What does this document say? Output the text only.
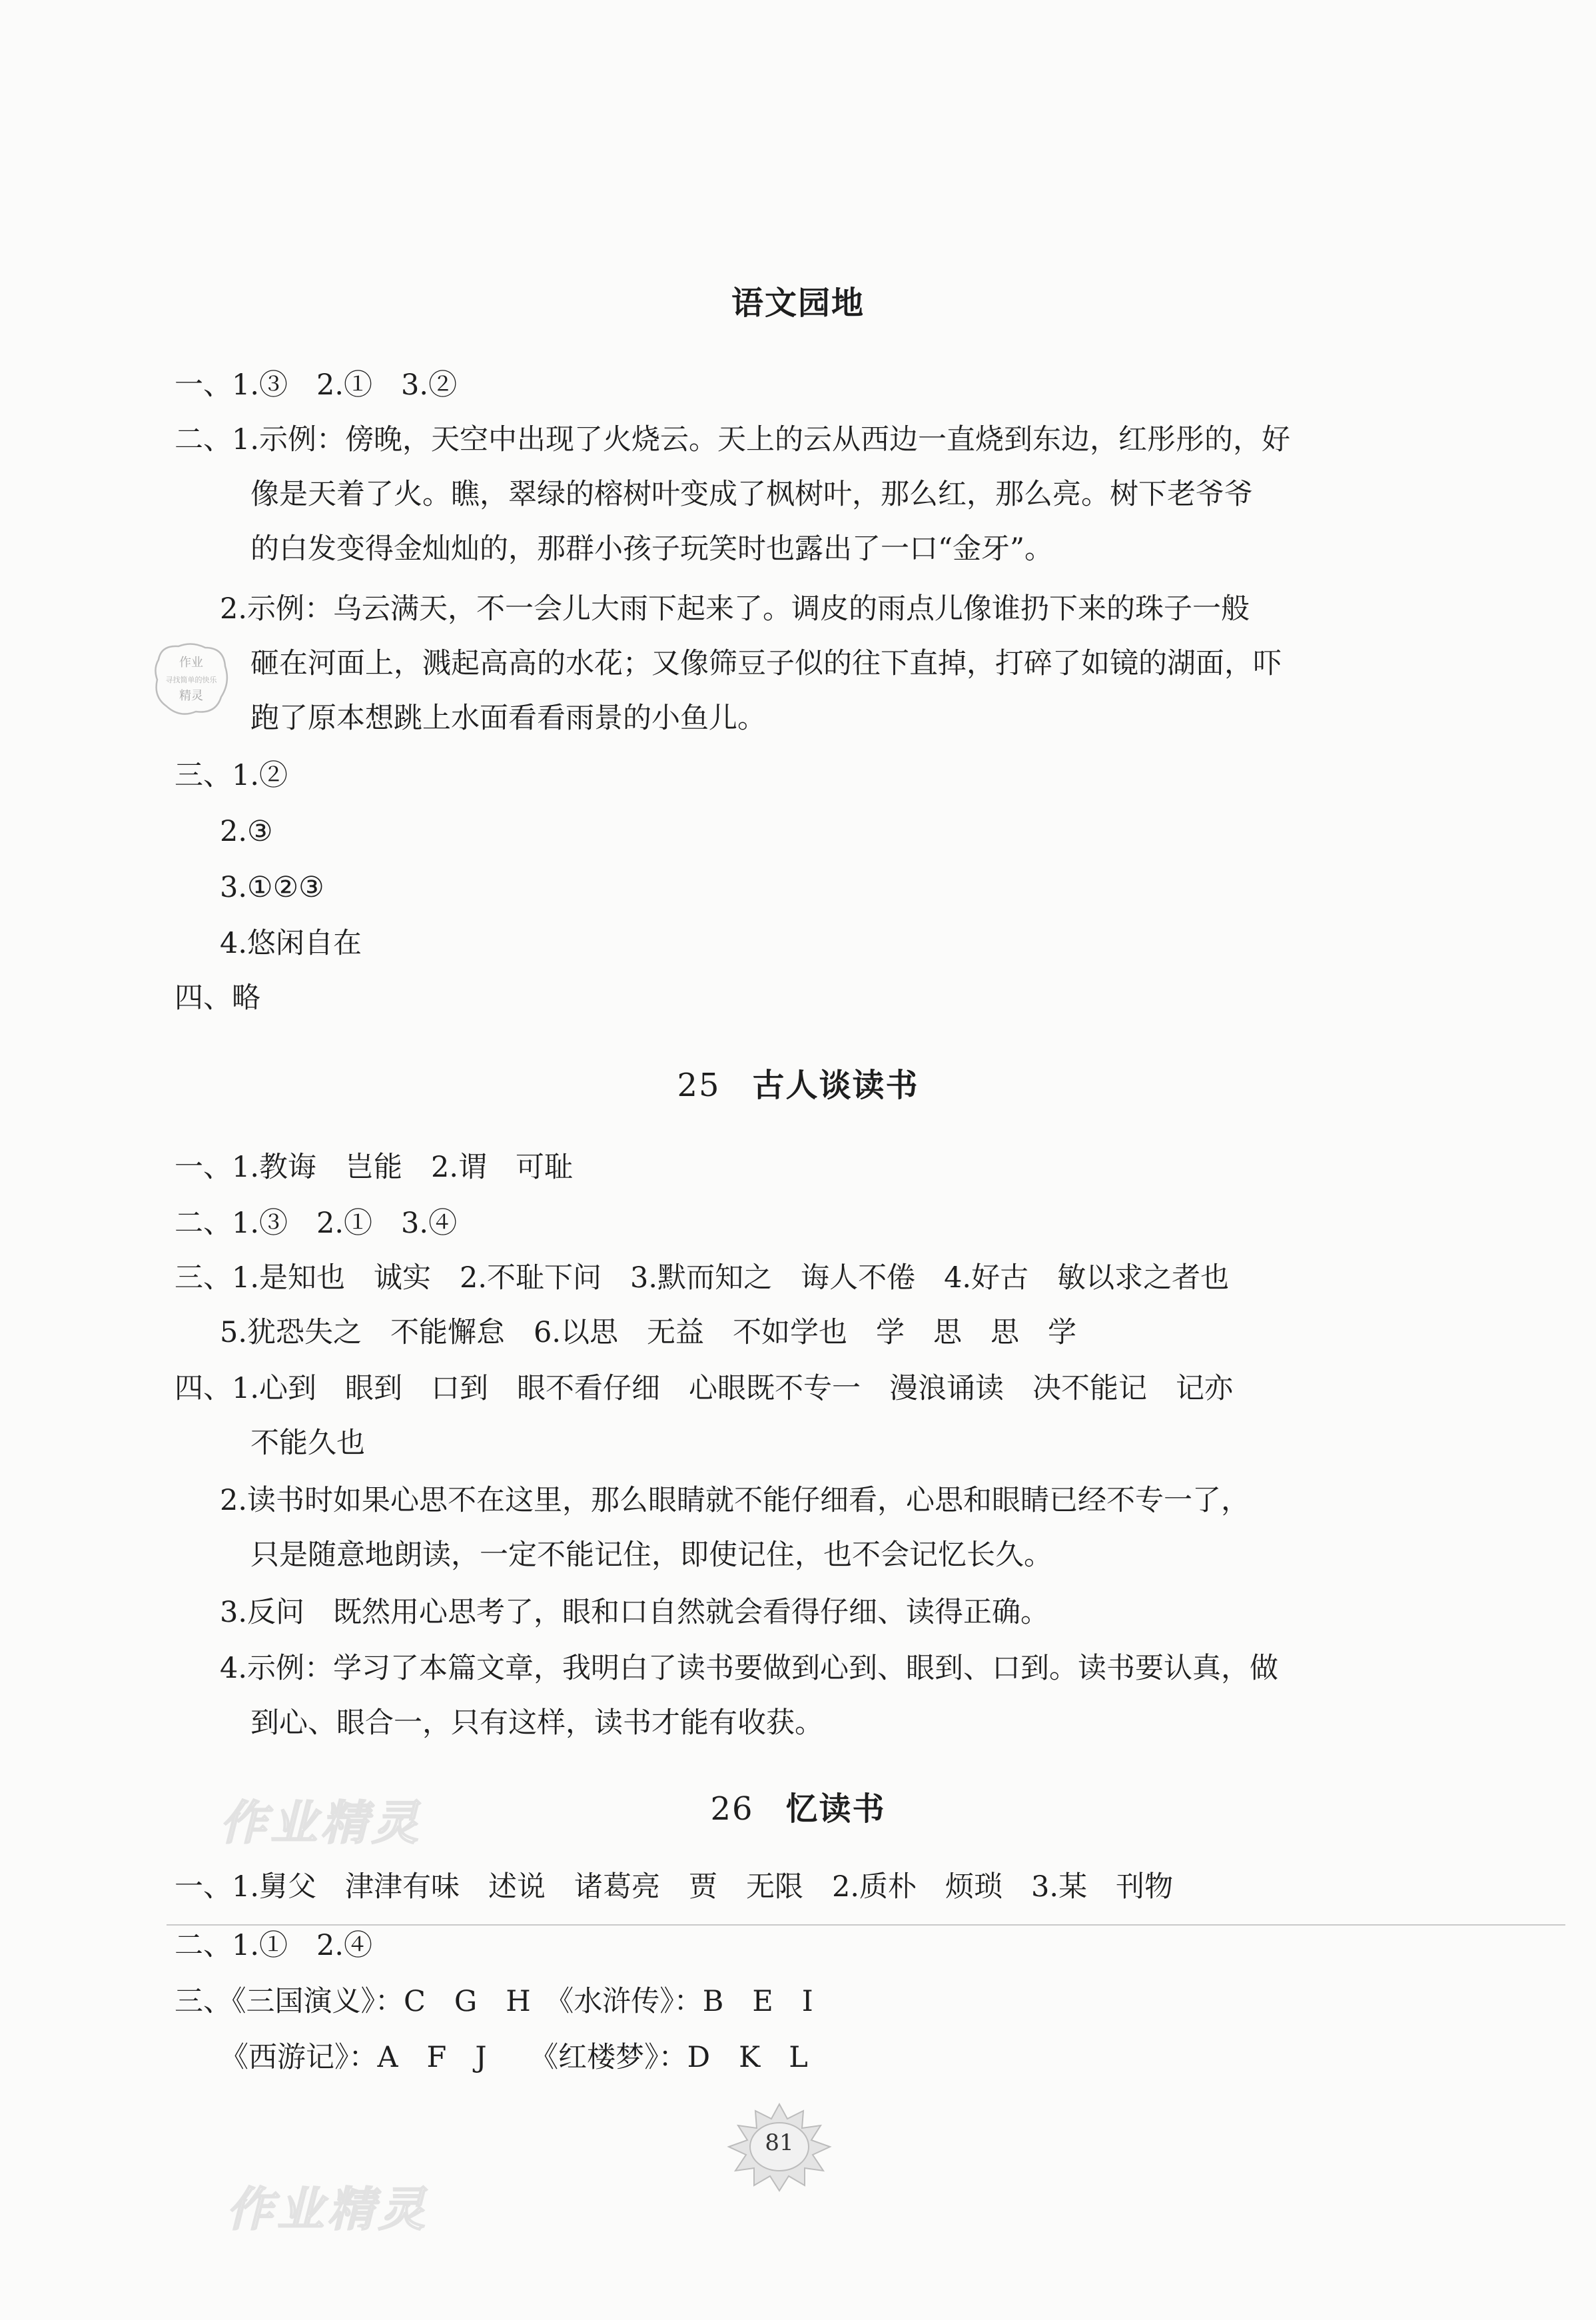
语文园地
一、1.③　2.①　3.②
二、1.示例：傍晚，天空中出现了火烧云。天上的云从西边一直烧到东边，红彤彤的，好
像是天着了火。瞧，翠绿的榕树叶变成了枫树叶，那么红，那么亮。树下老爷爷
的白发变得金灿灿的，那群小孩子玩笑时也露出了一口“金牙”。
2.示例：乌云满天，不一会儿大雨下起来了。调皮的雨点儿像谁扔下来的珠子一般
砸在河面上，溅起高高的水花；又像筛豆子似的往下直掉，打碎了如镜的湖面，吓
跑了原本想跳上水面看看雨景的小鱼儿。
三、1.②
2.③
3.①②③
4.悠闲自在
四、略
25 古人谈读书
一、1.教诲　岂能　2.谓　可耻
二、1.③　2.①　3.④
三、1.是知也　诚实　2.不耻下问　3.默而知之　诲人不倦　4.好古　敏以求之者也
5.犹恐失之　不能懈怠　6.以思　无益　不如学也　学　思　思　学
四、1.心到　眼到　口到　眼不看仔细　心眼既不专一　漫浪诵读　决不能记　记亦
不能久也
2.读书时如果心思不在这里，那么眼睛就不能仔细看，心思和眼睛已经不专一了，
只是随意地朗读，一定不能记住，即使记住，也不会记忆长久。
3.反问　既然用心思考了，眼和口自然就会看得仔细、读得正确。
4.示例：学习了本篇文章，我明白了读书要做到心到、眼到、口到。读书要认真，做
到心、眼合一，只有这样，读书才能有收获。
26 忆读书
一、1.舅父　津津有味　述说　诸葛亮　贾　无限　2.质朴　烦琐　3.某　刊物
二、1.①　2.④
三、《三国演义》：C　G　H　《水浒传》：B　E　I
《西游记》：A　F　J　　《红楼梦》：D　K　L
作业精灵
作业精灵
作业
寻找简单的快乐
精灵
81
